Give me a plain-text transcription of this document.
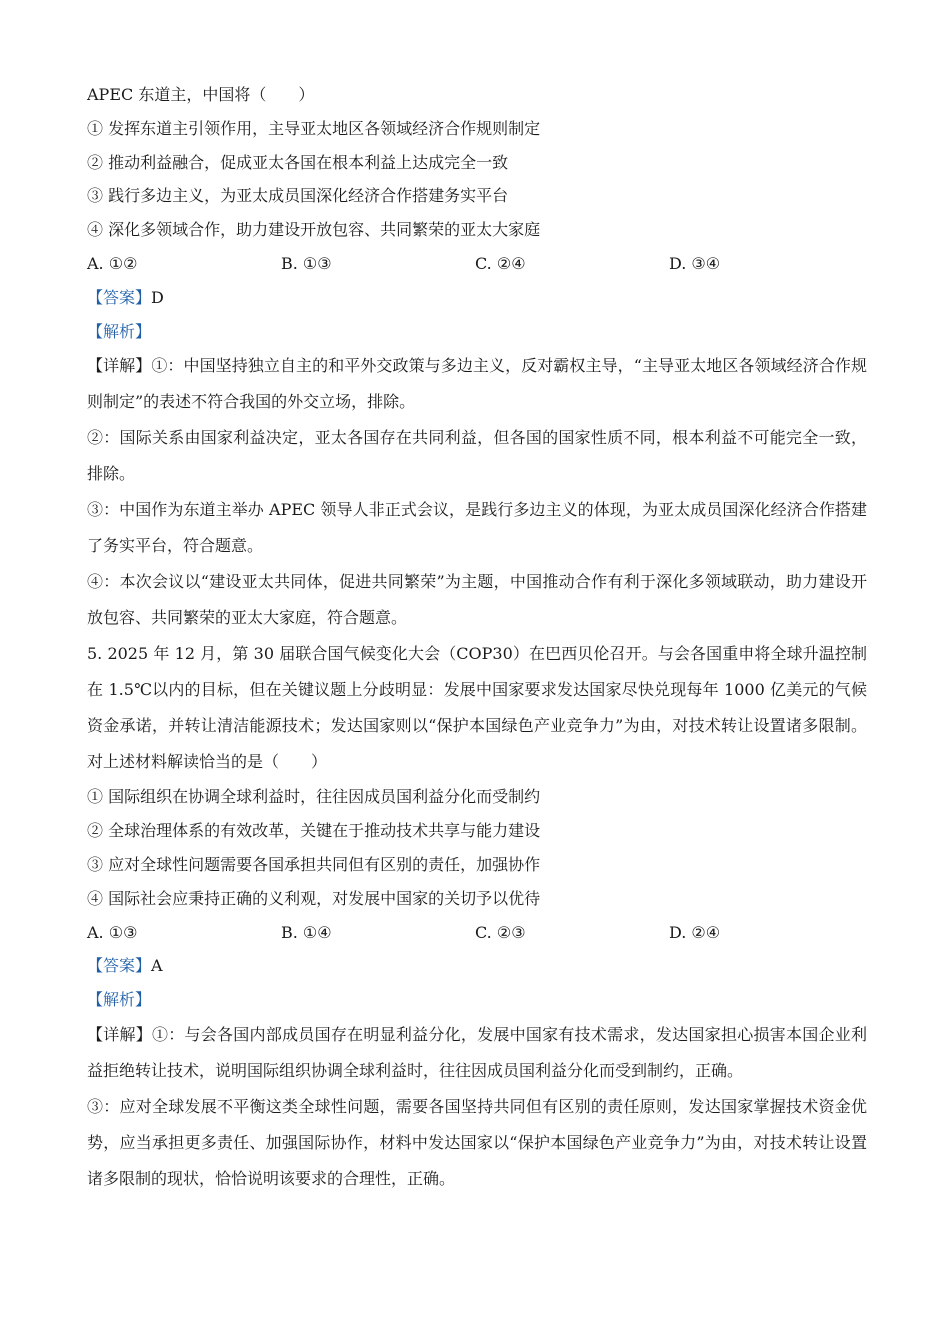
APEC 东道主，中国将（　　）
① 发挥东道主引领作用，主导亚太地区各领域经济合作规则制定
② 推动利益融合，促成亚太各国在根本利益上达成完全一致
③ 践行多边主义，为亚太成员国深化经济合作搭建务实平台
④ 深化多领域合作，助力建设开放包容、共同繁荣的亚太大家庭
A. ①②	B. ①③	C. ②④	D. ③④
【答案】D
【解析】
【详解】①：中国坚持独立自主的和平外交政策与多边主义，反对霸权主导，“主导亚太地区各领域经济合作规则制定”的表述不符合我国的外交立场，排除。
②：国际关系由国家利益决定，亚太各国存在共同利益，但各国的国家性质不同，根本利益不可能完全一致，排除。
③：中国作为东道主举办 APEC 领导人非正式会议，是践行多边主义的体现，为亚太成员国深化经济合作搭建了务实平台，符合题意。
④：本次会议以“建设亚太共同体，促进共同繁荣”为主题，中国推动合作有利于深化多领域联动，助力建设开放包容、共同繁荣的亚太大家庭，符合题意。
5. 2025 年 12 月，第 30 届联合国气候变化大会（COP30）在巴西贝伦召开。与会各国重申将全球升温控制在 1.5℃以内的目标，但在关键议题上分歧明显：发展中国家要求发达国家尽快兑现每年 1000 亿美元的气候资金承诺，并转让清洁能源技术；发达国家则以“保护本国绿色产业竞争力”为由，对技术转让设置诸多限制。对上述材料解读恰当的是（　　）
① 国际组织在协调全球利益时，往往因成员国利益分化而受制约
② 全球治理体系的有效改革，关键在于推动技术共享与能力建设
③ 应对全球性问题需要各国承担共同但有区别的责任，加强协作
④ 国际社会应秉持正确的义利观，对发展中国家的关切予以优待
A. ①③	B. ①④	C. ②③	D. ②④
【答案】A
【解析】
【详解】①：与会各国内部成员国存在明显利益分化，发展中国家有技术需求，发达国家担心损害本国企业利益拒绝转让技术，说明国际组织协调全球利益时，往往因成员国利益分化而受到制约，正确。
③：应对全球发展不平衡这类全球性问题，需要各国坚持共同但有区别的责任原则，发达国家掌握技术资金优势，应当承担更多责任、加强国际协作，材料中发达国家以“保护本国绿色产业竞争力”为由，对技术转让设置诸多限制的现状，恰恰说明该要求的合理性，正确。
